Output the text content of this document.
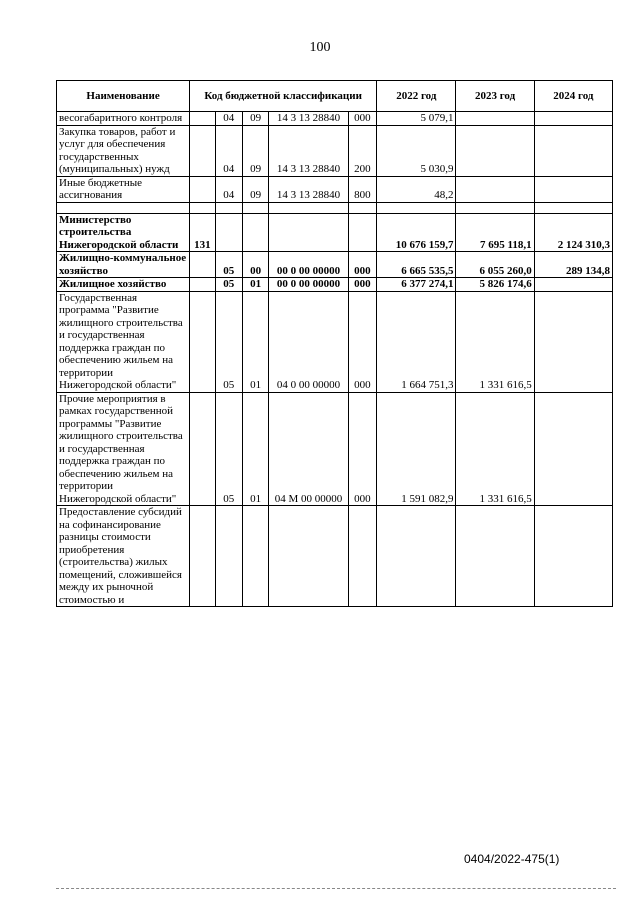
100
Наименование	Код бюджетной классификации					2022 год	2023 год	2024 год
весогабаритного контроля		04	09	14 3 13 28840	000	5 079,1		
Закупка товаров, работ и услуг для обеспечения государственных (муниципальных) нужд		04	09	14 3 13 28840	200	5 030,9		
Иные бюджетные ассигнования		04	09	14 3 13 28840	800	48,2		

Министерство строительства Нижегородской области	131					10 676 159,7	7 695 118,1	2 124 310,3
Жилищно-коммунальное хозяйство		05	00	00 0 00 00000	000	6 665 535,5	6 055 260,0	289 134,8
Жилищное хозяйство		05	01	00 0 00 00000	000	6 377 274,1	5 826 174,6	
Государственная программа "Развитие жилищного строительства и государственная поддержка граждан по обеспечению жильем на территории Нижегородской области"		05	01	04 0 00 00000	000	1 664 751,3	1 331 616,5	
Прочие мероприятия в рамках государственной программы "Развитие жилищного строительства и государственная поддержка граждан по обеспечению жильем на территории Нижегородской области"		05	01	04 М 00 00000	000	1 591 082,9	1 331 616,5	
Предоставление субсидий на софинансирование разницы стоимости приобретения (строительства) жилых помещений, сложившейся между их рыночной стоимостью и								
0404/2022-475(1)
